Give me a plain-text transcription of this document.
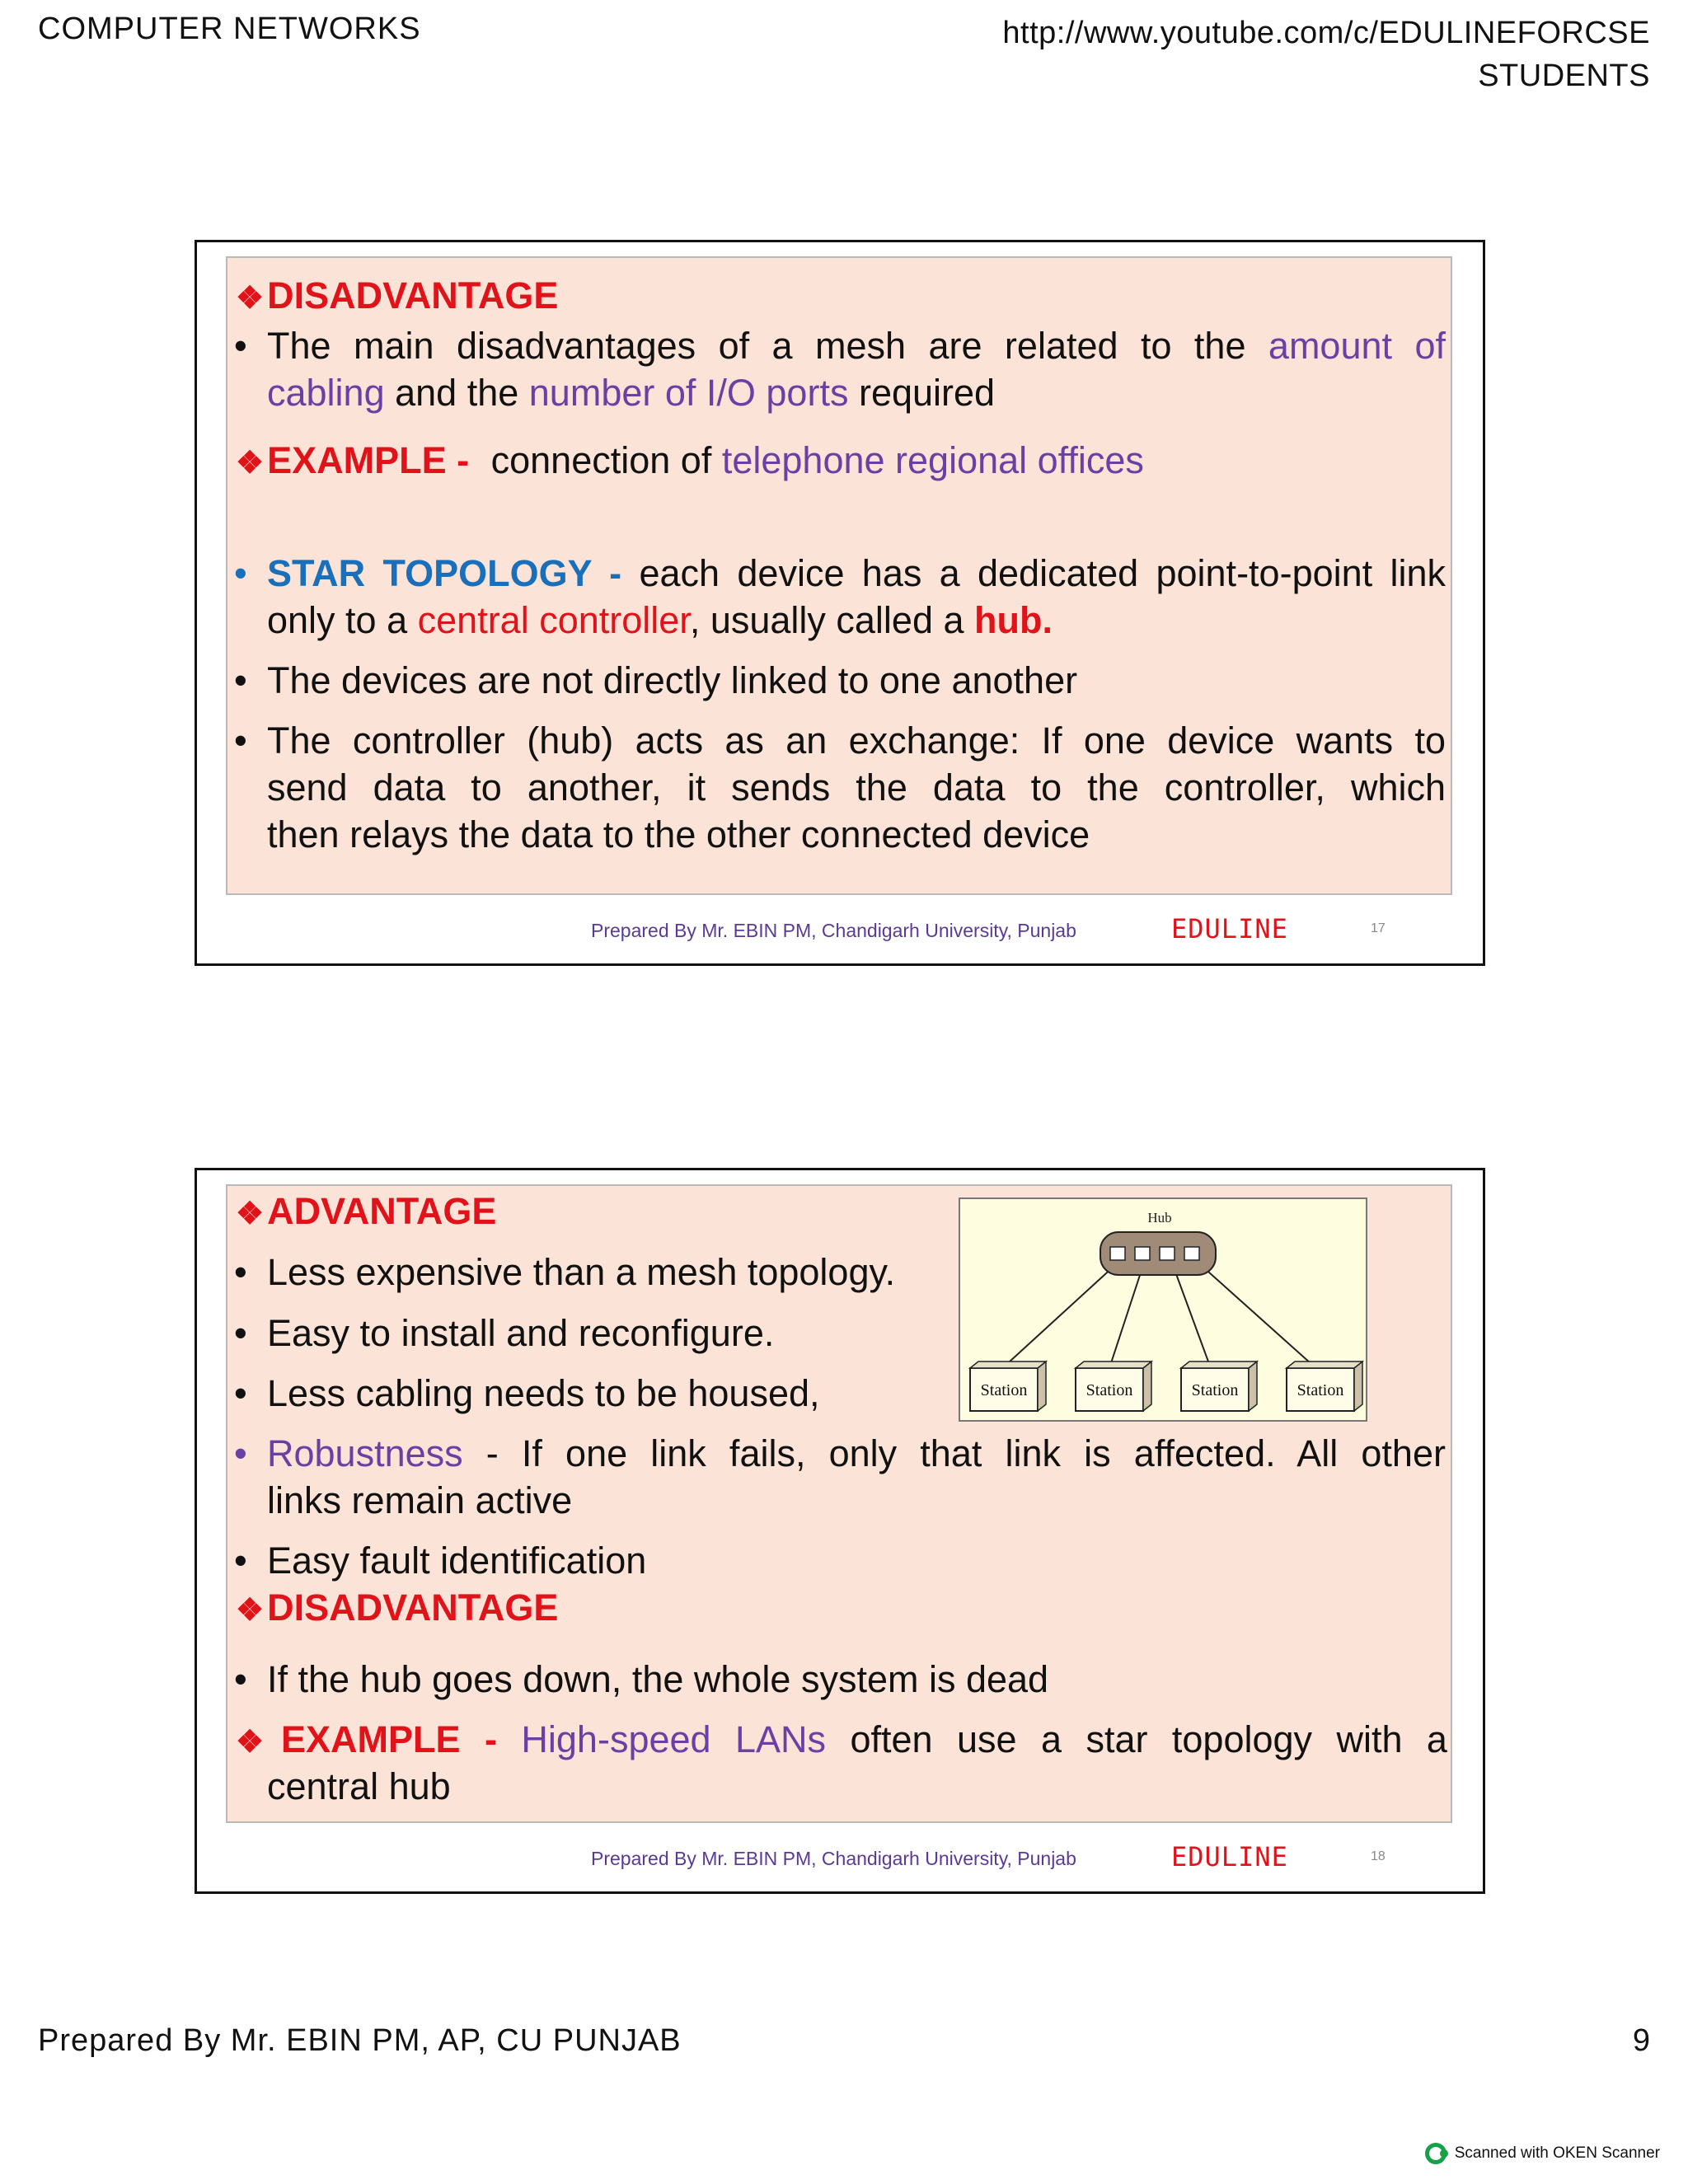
COMPUTER NETWORKS	http://www.youtube.com/c/EDULINEFORCSE
STUDENTS
❖DISADVANTAGE
• The main disadvantages of a mesh are related to the amount of
cabling and the number of I/O ports required
❖EXAMPLE - connection of telephone regional offices
• STAR TOPOLOGY - each device has a dedicated point-to-point link
only to a central controller, usually called a hub.
• The devices are not directly linked to one another
• The controller (hub) acts as an exchange: If one device wants to
send data to another, it sends the data to the controller, which
then relays the data to the other connected device
Prepared By Mr. EBIN PM, Chandigarh University, Punjab	EDULINE	17
❖ADVANTAGE
• Less expensive than a mesh topology.
• Easy to install and reconfigure.
• Less cabling needs to be housed,
Hub
Station	Station	Station	Station
• Robustness - If one link fails, only that link is affected. All other
links remain active
• Easy fault identification
❖DISADVANTAGE
• If the hub goes down, the whole system is dead
❖EXAMPLE - High-speed LANs often use a star topology with a
central hub
Prepared By Mr. EBIN PM, Chandigarh University, Punjab	EDULINE	18
Prepared By Mr. EBIN PM, AP, CU PUNJAB	9
Scanned with OKEN Scanner
